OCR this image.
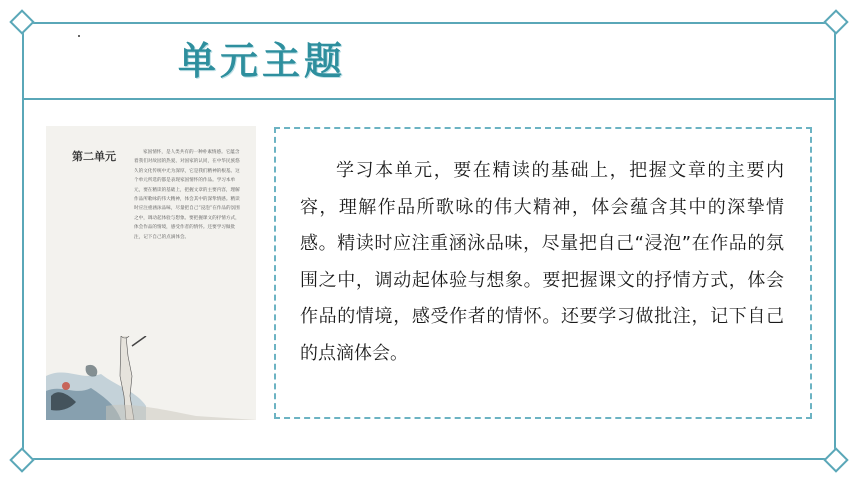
单元主题
第二单元	家国情怀，是人类共有的一种朴素情感。它蕴含着我们对故园的热爱、对国家的认同，在中华民族悠久的文化传统中尤为深厚，它是我们精神的根基。这个单元所选的都是表现家国情怀的作品。学习本单元，要在精读的基础上，把握文章的主要内容，理解作品所歌咏的伟大精神，体会其中的深挚情感。精读时应注重涵泳品味，尽量把自己“浸泡”在作品的氛围之中，调动起体验与想象。要把握课文的抒情方式，体会作品的情境，感受作者的情怀。还要学习做批注，记下自己的点滴体会。
学习本单元，要在精读的基础上，把握文章的主要内容，理解作品所歌咏的伟大精神，体会蕴含其中的深挚情感。精读时应注重涵泳品味，尽量把自己“浸泡”在作品的氛围之中，调动起体验与想象。要把握课文的抒情方式，体会作品的情境，感受作者的情怀。还要学习做批注，记下自己的点滴体会。
